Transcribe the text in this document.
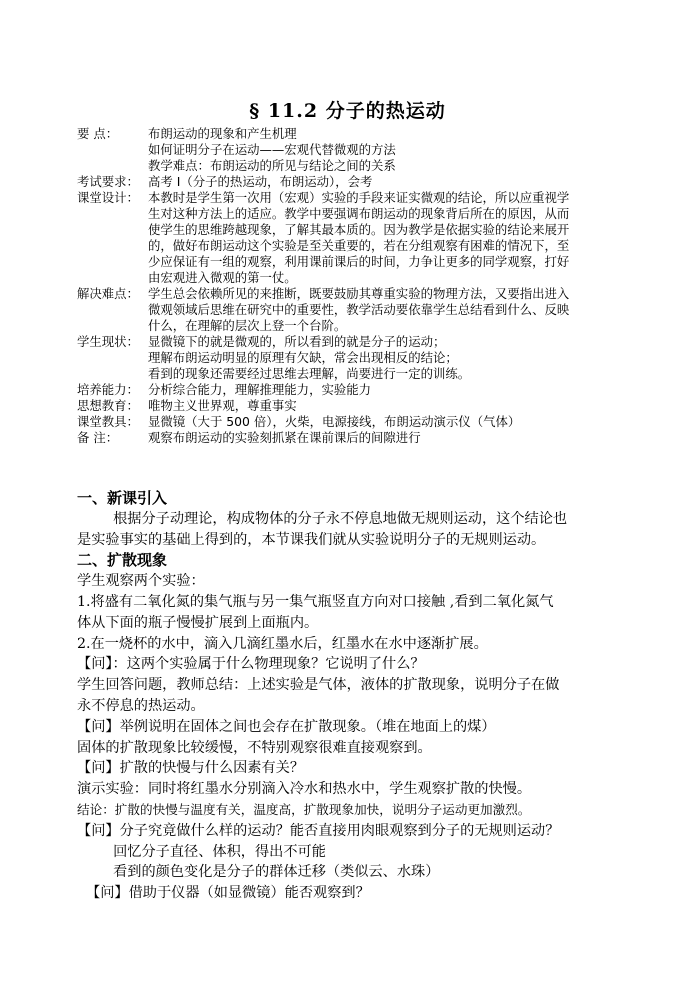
§ 11.2 分子的热运动
要 点：	布朗运动的现象和产生机理
如何证明分子在运动——宏观代替微观的方法
教学难点：布朗运动的所见与结论之间的关系
考试要求： 高考 I（分子的热运动，布朗运动），会考
课堂设计： 本教时是学生第一次用（宏观）实验的手段来证实微观的结论，所以应重视学
生对这种方法上的适应。教学中要强调布朗运动的现象背后所在的原因，从而
使学生的思维跨越现象，了解其最本质的。因为教学是依据实验的结论来展开
的，做好布朗运动这个实验是至关重要的，若在分组观察有困难的情况下，至
少应保证有一组的观察，利用课前课后的时间，力争让更多的同学观察，打好
由宏观进入微观的第一仗。
解决难点： 学生总会依赖所见的来推断，既要鼓励其尊重实验的物理方法，又要指出进入
微观领域后思维在研究中的重要性，教学活动要依靠学生总结看到什么、反映
什么，在理解的层次上登一个台阶。
学生现状： 显微镜下的就是微观的，所以看到的就是分子的运动；
理解布朗运动明显的原理有欠缺，常会出现相反的结论；
看到的现象还需要经过思维去理解，尚要进行一定的训练。
培养能力： 分析综合能力，理解推理能力，实验能力
思想教育： 唯物主义世界观，尊重事实
课堂教具： 显微镜（大于 500 倍），火柴，电源接线，布朗运动演示仪（气体）
备 注：	观察布朗运动的实验刻抓紧在课前课后的间隙进行
一、新课引入
根据分子动理论，构成物体的分子永不停息地做无规则运动，这个结论也
是实验事实的基础上得到的，本节课我们就从实验说明分子的无规则运动。
二、扩散现象
学生观察两个实验：
1.将盛有二氧化氮的集气瓶与另一集气瓶竖直方向对口接触 ,看到二氧化氮气
体从下面的瓶子慢慢扩展到上面瓶内。
2.在一烧杯的水中，滴入几滴红墨水后，红墨水在水中逐渐扩展。
【问】：这两个实验属于什么物理现象？它说明了什么？
学生回答问题，教师总结：上述实验是气体，液体的扩散现象，说明分子在做
永不停息的热运动。
【问】举例说明在固体之间也会存在扩散现象。（堆在地面上的煤）
固体的扩散现象比较缓慢，不特别观察很难直接观察到。
【问】扩散的快慢与什么因素有关？
演示实验：同时将红墨水分别滴入冷水和热水中，学生观察扩散的快慢。
结论：扩散的快慢与温度有关，温度高，扩散现象加快，说明分子运动更加激烈。
【问】分子究竟做什么样的运动？能否直接用肉眼观察到分子的无规则运动？
回忆分子直径、体积，得出不可能
看到的颜色变化是分子的群体迁移（类似云、水珠）
【问】借助于仪器（如显微镜）能否观察到？
